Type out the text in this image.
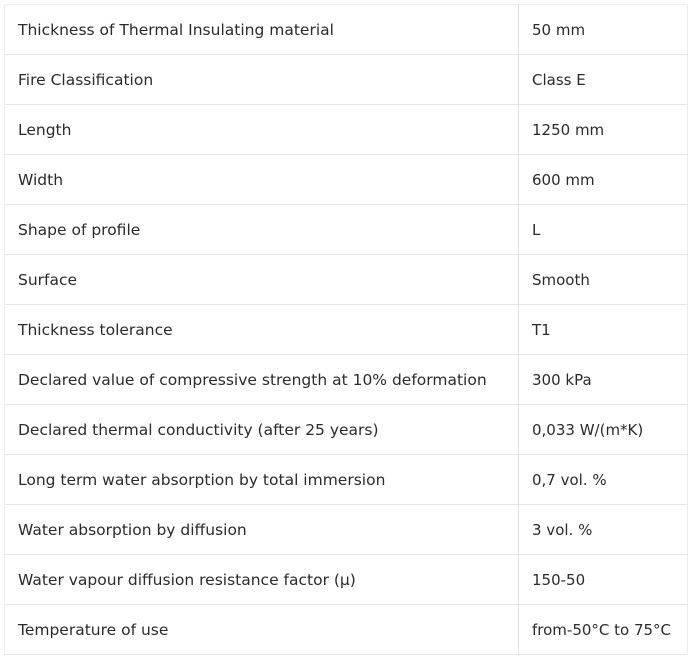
Thickness of Thermal Insulating material	50 mm
Fire Classification	Class E
Length	1250 mm
Width	600 mm
Shape of profile	L
Surface	Smooth
Thickness tolerance	T1
Declared value of compressive strength at 10% deformation	300 kPa
Declared thermal conductivity (after 25 years)	0,033 W/(m*K)
Long term water absorption by total immersion	0,7 vol. %
Water absorption by diffusion	3 vol. %
Water vapour diffusion resistance factor (μ)	150-50
Temperature of use	from-50°C to 75°C
